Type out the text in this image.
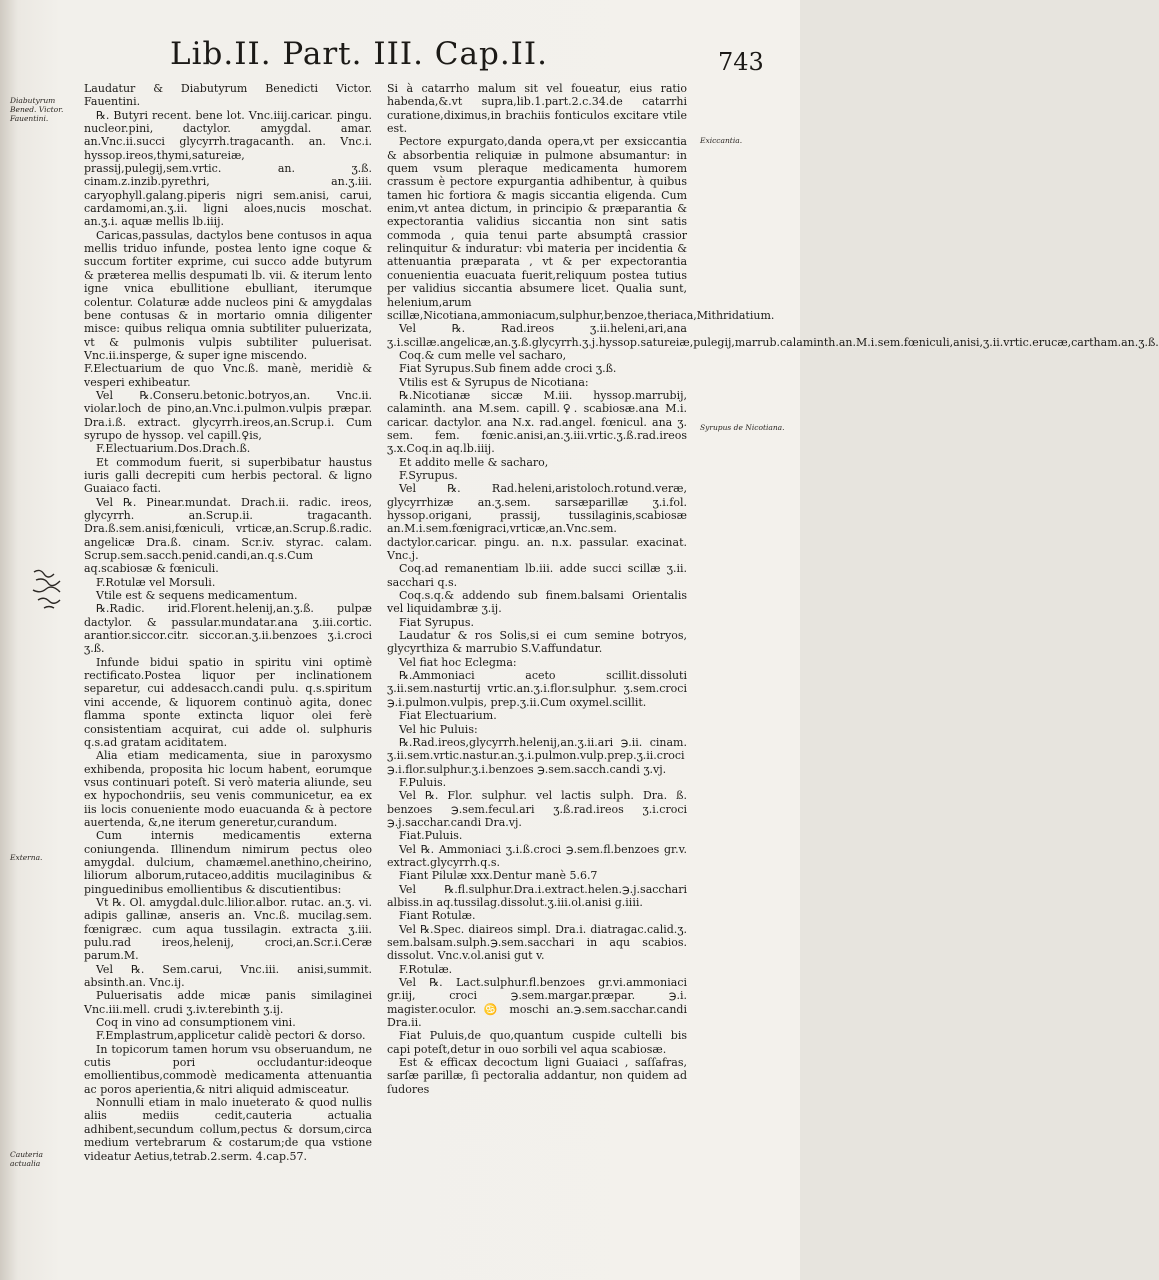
Lib.II. Part. III. Cap.II.	743
Diabutyrum Bened. Victor. Fauentini.
Externa.
Cauteria actualia
Exiccantia.
Syrupus de Nicotiana.

Laudatur & Diabutyrum Benedicti Victor. Fauentini.

℞. Butyri recent. bene lot. Vnc.iiij.caricar. pingu. nucleor.pini, dactylor. amygdal. amar. an.Vnc.ii.succi glycyrrh.tragacanth. an. Vnc.i. hyssop.ireos,thymi,satureiæ, prassij,pulegij,sem.vrtic. an. ʒ.ß. cinam.z.inzib.pyrethri, an.ʒ.iii. caryophyll.galang.piperis nigri sem.anisi, carui, cardamomi,an.ʒ.ii. ligni aloes,nucis moschat. an.ʒ.i. aquæ mellis lb.iiij.

Caricas,passulas, dactylos bene contusos in aqua mellis triduo infunde, postea lento igne coque & succum fortiter exprime, cui succo adde butyrum & præterea mellis despumati lb. vii. & iterum lento igne vnica ebullitione ebulliant, iterumque colentur. Colaturæ adde nucleos pini & amygdalas bene contusas & in mortario omnia diligenter misce: quibus reliqua omnia subtiliter puluerizata, vt & pulmonis vulpis subtiliter puluerisat. Vnc.ii.insperge, & super igne miscendo.

F.Electuarium de quo Vnc.ß. manè, meridiè & vesperi exhibeatur.

Vel ℞.Conseru.betonic.botryos,an. Vnc.ii. violar.loch de pino,an.Vnc.i.pulmon.vulpis præpar. Dra.i.ß. extract. glycyrrh.ireos,an.Scrup.i. Cum syrupo de hyssop. vel capill.♀is,

F.Electuarium.Dos.Drach.ß.

Et commodum fuerit, si superbibatur haustus iuris galli decrepiti cum herbis pectoral. & ligno Guaiaco facti.

Vel ℞. Pinear.mundat. Drach.ii. radic. ireos, glycyrrh. an.Scrup.ii. tragacanth. Dra.ß.sem.anisi,fœniculi, vrticæ,an.Scrup.ß.radic. angelicæ Dra.ß. cinam. Scr.iv. styrac. calam. Scrup.sem.sacch.penid.candi,an.q.s.Cum aq.scabiosæ & fœniculi.

F.Rotulæ vel Morsuli.

Vtile est & sequens medicamentum.

℞.Radic. irid.Florent.helenij,an.ʒ.ß. pulpæ dactylor. & passular.mundatar.ana ʒ.iii.cortic. arantior.siccor.citr. siccor.an.ʒ.ii.benzoes ʒ.i.croci ʒ.ß.

Infunde bidui spatio in spiritu vini optimè rectificato.Postea liquor per inclinationem separetur, cui addesacch.candi pulu. q.s.spiritum vini accende, & liquorem continuò agita, donec flamma sponte extincta liquor olei ferè consistentiam acquirat, cui adde ol. sulphuris q.s.ad gratam aciditatem.

Alia etiam medicamenta, siue in paroxysmo exhibenda, proposita hic locum habent, eorumque vsus continuari poteſt. Si verò materia aliunde, seu ex hypochondriis, seu venis communicetur, ea ex iis locis conueniente modo euacuanda & à pectore auertenda, &,ne iterum generetur,curandum.

Cum internis medicamentis externa coniungenda. Illinendum nimirum pectus oleo amygdal. dulcium, chamæmel.anethino,cheirino, liliorum alborum,rutaceo,additis mucilaginibus & pinguedinibus emollientibus & discutientibus:

Vt ℞. Ol. amygdal.dulc.lilior.albor. rutac. an.ʒ. vi. adipis gallinæ, anseris an. Vnc.ß. mucilag.sem. fœnigræc. cum aqua tussilagin. extracta ʒ.iii. pulu.rad ireos,helenij, croci,an.Scr.i.Ceræ parum.M.

Vel ℞. Sem.carui, Vnc.iii. anisi,summit. absinth.an. Vnc.ij.

Puluerisatis adde micæ panis similaginei Vnc.iii.mell. crudi ʒ.iv.terebinth ʒ.ij.

Coq in vino ad consumptionem vini.

F.Emplastrum,applicetur calidè pectori & dorso.

In topicorum tamen horum vsu obseruandum, ne cutis pori occludantur:ideoque emollientibus,commodè medicamenta attenuantia ac poros aperientia,& nitri aliquid admisceatur.

Nonnulli etiam in malo inueterato & quod nullis aliis mediis cedit,cauteria actualia adhibent,secundum collum,pectus & dorsum,circa medium vertebrarum & costarum;de qua vstione videatur Aetius,tetrab.2.serm. 4.cap.57.

Si à catarrho malum sit vel foueatur, eius ratio habenda,&.vt supra,lib.1.part.2.c.34.de catarrhi curatione,diximus,in brachiis fonticulos excitare vtile est.

Pectore expurgato,danda opera,vt per exsiccantia & absorbentia reliquiæ in pulmone absumantur: in quem vsum pleraque medicamenta humorem crassum è pectore expurgantia adhibentur, à quibus tamen hic fortiora & magis siccantia eligenda. Cum enim,vt antea dictum, in principio & præparantia & expectorantia validius siccantia non sint satis commoda , quia tenui parte absumptâ crassior relinquitur & induratur: vbi materia per incidentia & attenuantia præparata , vt & per expectorantia conuenientia euacuata fuerit,reliquum postea tutius per validius siccantia absumere licet. Qualia sunt, helenium,arum scillæ,Nicotiana,ammoniacum,sulphur,benzoe,theriaca,Mithridatium.

Vel ℞. Rad.ireos ʒ.ii.heleni,ari,ana ʒ.i.scillæ.angelicæ,an.ʒ.ß.glycyrrh.ʒ.j.hyssop.satureiæ,pulegij,marrub.calaminth.an.M.i.sem.fœniculi,anisi,ʒ.ii.vrtic.erucæ,cartham.an.ʒ.ß.

Coq.& cum melle vel sacharo,

Fiat Syrupus.Sub finem adde croci ʒ.ß.

Vtilis est & Syrupus de Nicotiana:

℞.Nicotianæ siccæ M.iii. hyssop.marrubij, calaminth. ana M.sem. capill.♀. scabiosæ.ana M.i. caricar. dactylor. ana N.x. rad.angel. fœnicul. ana ʒ. sem. fem. fœnic.anisi,an.ʒ.iii.vrtic.ʒ.ß.rad.ireos ʒ.x.Coq.in aq.lb.iiij.

Et addito melle & sacharo,

F.Syrupus.

Vel ℞. Rad.heleni,aristoloch.rotund.veræ, glycyrrhizæ an.ʒ.sem. sarsæparillæ ʒ.i.fol. hyssop.origani, prassij, tussilaginis,scabiosæ an.M.i.sem.fœnigraci,vrticæ,an.Vnc.sem. dactylor.caricar. pingu. an. n.x. passular. exacinat. Vnc.j.

Coq.ad remanentiam lb.iii. adde succi scillæ ʒ.ii. sacchari q.s.

Coq.s.q.& addendo sub finem.balsami Orientalis vel liquidambræ ʒ.ij.

Fiat Syrupus.

Laudatur & ros Solis,si ei cum semine botryos, glycyrthiza & marrubio S.V.affundatur.

Vel fiat hoc Eclegma:

℞.Ammoniaci aceto scillit.dissoluti ʒ.ii.sem.nasturtij vrtic.an.ʒ.i.flor.sulphur. ʒ.sem.croci ℈.i.pulmon.vulpis, prep.ʒ.ii.Cum oxymel.scillit.

Fiat Electuarium.

Vel hic Puluis:

℞.Rad.ireos,glycyrrh.helenij,an.ʒ.ii.ari ℈.ii. cinam. ʒ.ii.sem.vrtic.nastur.an.ʒ.i.pulmon.vulp.prep.ʒ.ii.croci ℈.i.flor.sulphur.ʒ.i.benzoes ℈.sem.sacch.candi ʒ.vj.

F.Puluis.

Vel ℞. Flor. sulphur. vel lactis sulph. Dra. ß. benzoes ℈.sem.fecul.ari ʒ.ß.rad.ireos ʒ.i.croci ℈.j.sacchar.candi Dra.vj.

Fiat.Puluis.

Vel ℞. Ammoniaci ʒ.i.ß.croci ℈.sem.fl.benzoes gr.v. extract.glycyrrh.q.s.

Fiant Pilulæ xxx.Dentur manè 5.6.7

Vel ℞.fl.sulphur.Dra.i.extract.helen.℈.j.sacchari albiss.in aq.tussilag.dissolut.ʒ.iii.ol.anisi g.iiii.

Fiant Rotulæ.

Vel ℞.Spec. diaireos simpl. Dra.i. diatragac.calid.ʒ. sem.balsam.sulph.℈.sem.sacchari in aqu scabios. dissolut. Vnc.v.ol.anisi gut v.

F.Rotulæ.

Vel ℞. Lact.sulphur.fl.benzoes gr.vi.ammoniaci gr.iij, croci ℈.sem.margar.præpar. ℈.i. magister.oculor. ♋ moschi an.℈.sem.sacchar.candi Dra.ii.

Fiat Puluis,de quo,quantum cuspide cultelli bis capi poteſt,detur in ouo sorbili vel aqua scabiosæ.

Est & efficax decoctum ligni Guaiaci , saſſafras, sarſæ parillæ, ſi pectoralia addantur, non quidem ad ſudores
